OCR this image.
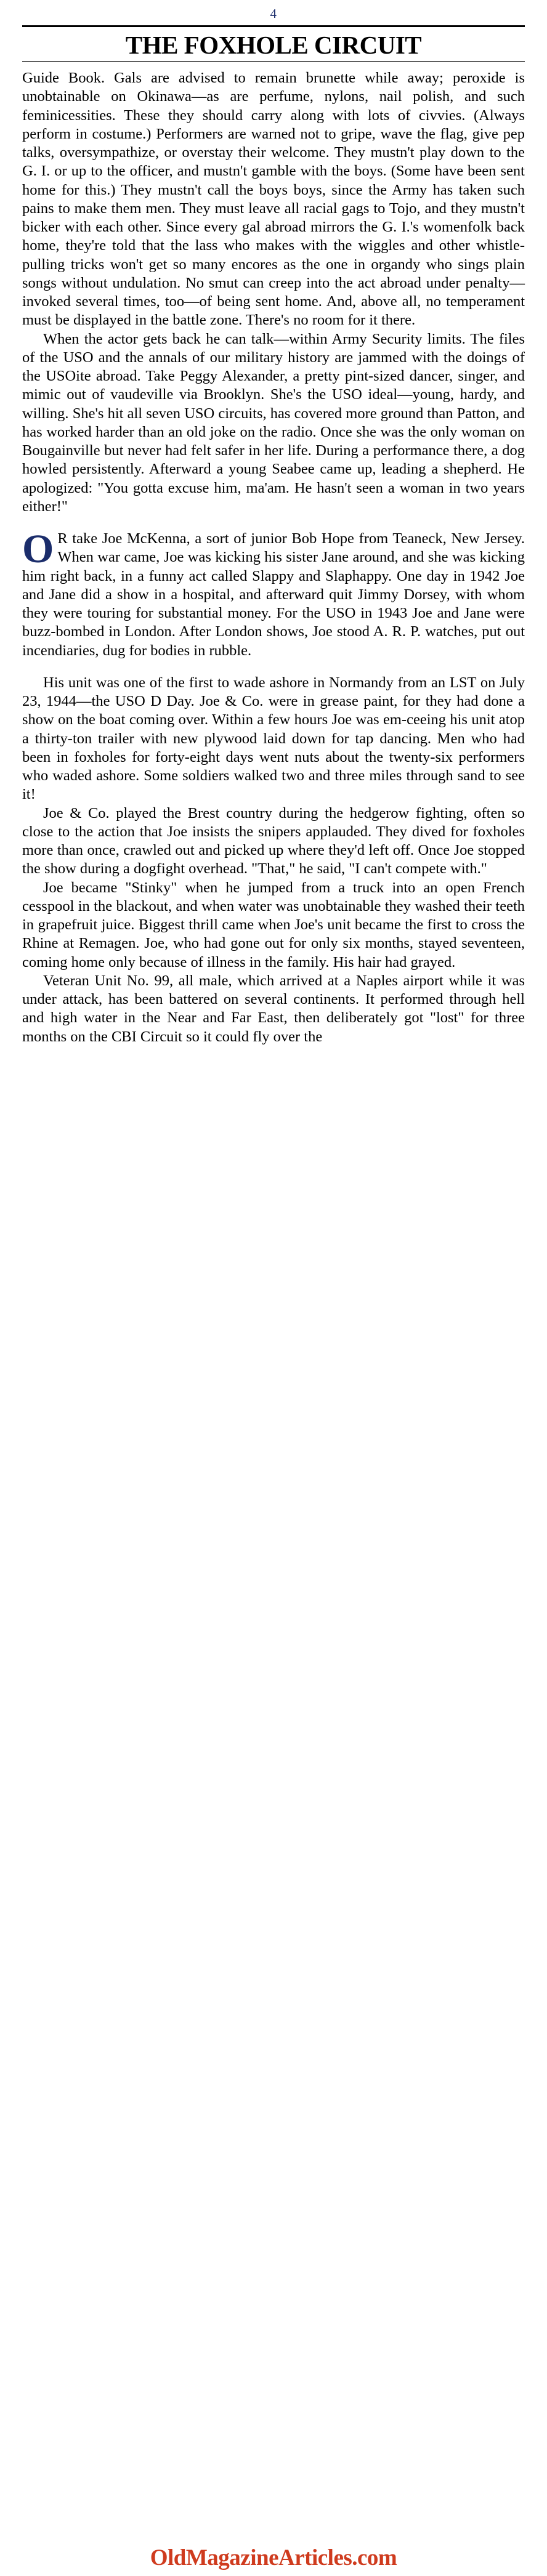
4
THE FOXHOLE CIRCUIT

Guide Book. Gals are advised to remain brunette while away; peroxide is unobtainable on Okinawa—as are perfume, nylons, nail polish, and such feminicessities. These they should carry along with lots of civvies. (Always perform in costume.) Performers are warned not to gripe, wave the flag, give pep talks, oversympathize, or overstay their welcome. They mustn't play down to the G. I. or up to the officer, and mustn't gamble with the boys. (Some have been sent home for this.) They mustn't call the boys boys, since the Army has taken such pains to make them men. They must leave all racial gags to Tojo, and they mustn't bicker with each other. Since every gal abroad mirrors the G. I.'s womenfolk back home, they're told that the lass who makes with the wiggles and other whistle-pulling tricks won't get so many encores as the one in organdy who sings plain songs without undulation. No smut can creep into the act abroad under penalty—invoked several times, too—of being sent home. And, above all, no temperament must be displayed in the battle zone. There's no room for it there.

When the actor gets back he can talk—within Army Security limits. The files of the USO and the annals of our military history are jammed with the doings of the USOite abroad. Take Peggy Alexander, a pretty pint-sized dancer, singer, and mimic out of vaudeville via Brooklyn. She's the USO ideal—young, hardy, and willing. She's hit all seven USO circuits, has covered more ground than Patton, and has worked harder than an old joke on the radio. Once she was the only woman on Bougainville but never had felt safer in her life. During a performance there, a dog howled persistently. Afterward a young Seabee came up, leading a shepherd. He apologized: "You gotta excuse him, ma'am. He hasn't seen a woman in two years either!"

O R take Joe McKenna, a sort of junior Bob Hope from Teaneck, New Jersey. When war came, Joe was kicking his sister Jane around, and she was kicking him right back, in a funny act called Slappy and Slaphappy. One day in 1942 Joe and Jane did a show in a hospital, and afterward quit Jimmy Dorsey, with whom they were touring for substantial money. For the USO in 1943 Joe and Jane were buzz-bombed in London. After London shows, Joe stood A. R. P. watches, put out incendiaries, dug for bodies in rubble.

His unit was one of the first to wade ashore in Normandy from an LST on July 23, 1944—the USO D Day. Joe & Co. were in grease paint, for they had done a show on the boat coming over. Within a few hours Joe was em-ceeing his unit atop a thirty-ton trailer with new plywood laid down for tap dancing. Men who had been in foxholes for forty-eight days went nuts about the twenty-six performers who waded ashore. Some soldiers walked two and three miles through sand to see it!

Joe & Co. played the Brest country during the hedgerow fighting, often so close to the action that Joe insists the snipers applauded. They dived for foxholes more than once, crawled out and picked up where they'd left off. Once Joe stopped the show during a dogfight overhead. "That," he said, "I can't compete with."

Joe became "Stinky" when he jumped from a truck into an open French cesspool in the blackout, and when water was unobtainable they washed their teeth in grapefruit juice. Biggest thrill came when Joe's unit became the first to cross the Rhine at Remagen. Joe, who had gone out for only six months, stayed seventeen, coming home only because of illness in the family. His hair had grayed.

Veteran Unit No. 99, all male, which arrived at a Naples airport while it was under attack, has been battered on several continents. It performed through hell and high water in the Near and Far East, then deliberately got "lost" for three months on the CBI Circuit so it could fly over the

OldMagazineArticles.com
